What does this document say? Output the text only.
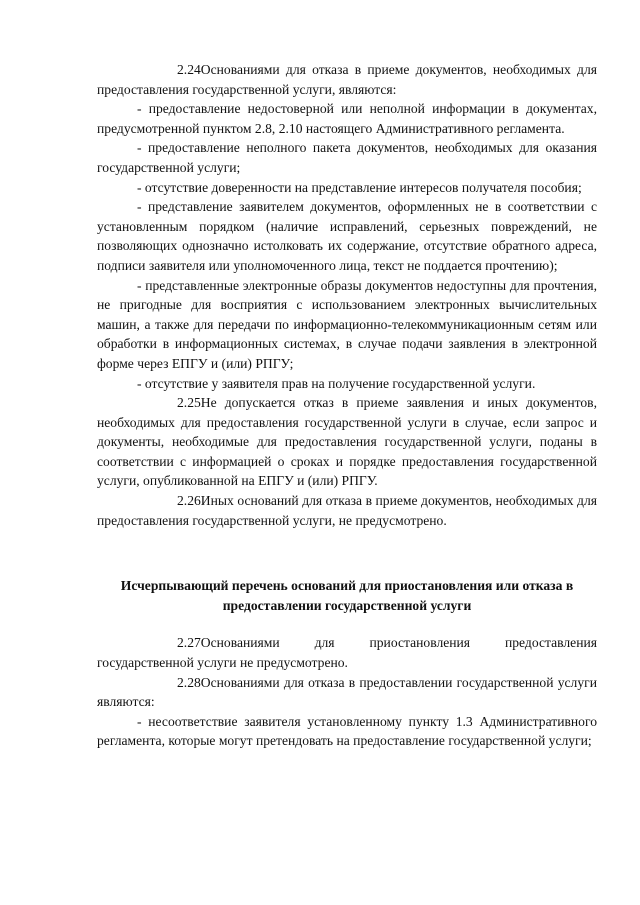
2.24Основаниями для отказа в приеме документов, необходимых для предоставления государственной услуги, являются:

- предоставление недостоверной или неполной информации в документах, предусмотренной пунктом 2.8, 2.10 настоящего Административного регламента.

- предоставление неполного пакета документов, необходимых для оказания государственной услуги;

- отсутствие доверенности на представление интересов получателя пособия;

- представление заявителем документов, оформленных не в соответствии с установленным порядком (наличие исправлений, серьезных повреждений, не позволяющих однозначно истолковать их содержание, отсутствие обратного адреса, подписи заявителя или уполномоченного лица, текст не поддается прочтению);

- представленные электронные образы документов недоступны для прочтения, не пригодные для восприятия с использованием электронных вычислительных машин, а также для передачи по информационно-телекоммуникационным сетям или обработки в информационных системах, в случае подачи заявления в электронной форме через ЕПГУ и (или) РПГУ;

- отсутствие у заявителя прав на получение государственной услуги.

2.25Не допускается отказ в приеме заявления и иных документов, необходимых для предоставления государственной услуги в случае, если запрос и документы, необходимые для предоставления государственной услуги, поданы в соответствии с информацией о сроках и порядке предоставления государственной услуги, опубликованной на ЕПГУ и (или) РПГУ.

2.26Иных оснований для отказа в приеме документов, необходимых для предоставления государственной услуги, не предусмотрено.

Исчерпывающий перечень оснований для приостановления или отказа в предоставлении государственной услуги

2.27Основаниями для приостановления предоставления государственной услуги не предусмотрено.

2.28Основаниями для отказа в предоставлении государственной услуги являются:

- несоответствие заявителя установленному пункту 1.3 Административного регламента, которые могут претендовать на предоставление государственной услуги;
